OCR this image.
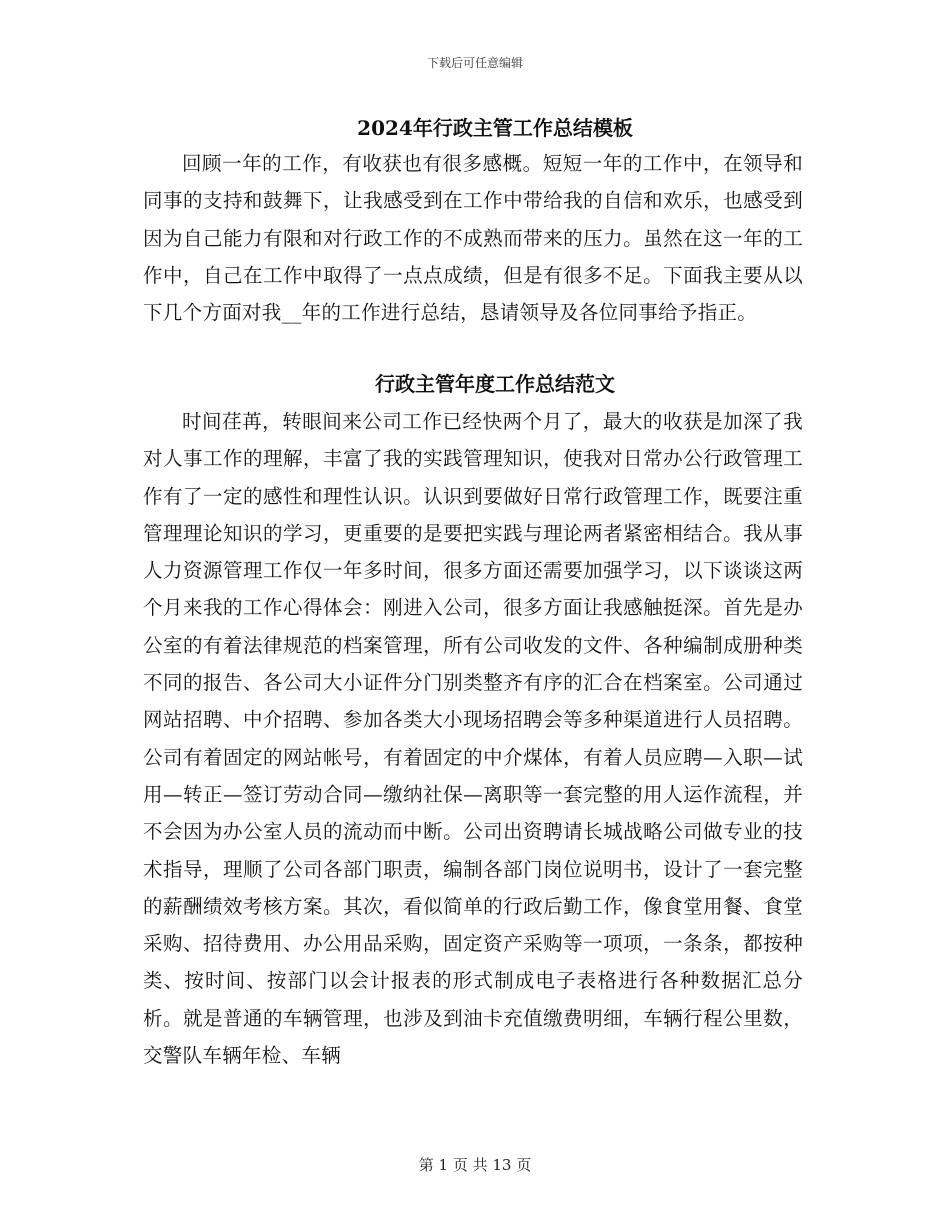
下载后可任意编辑
2024年行政主管工作总结模板

回顾一年的工作，有收获也有很多感概。短短一年的工作中，在领导和同事的支持和鼓舞下，让我感受到在工作中带给我的自信和欢乐，也感受到因为自己能力有限和对行政工作的不成熟而带来的压力。虽然在这一年的工作中，自己在工作中取得了一点点成绩，但是有很多不足。下面我主要从以下几个方面对我__年的工作进行总结，恳请领导及各位同事给予指正。

行政主管年度工作总结范文

时间荏苒，转眼间来公司工作已经快两个月了，最大的收获是加深了我对人事工作的理解，丰富了我的实践管理知识，使我对日常办公行政管理工作有了一定的感性和理性认识。认识到要做好日常行政管理工作，既要注重管理理论知识的学习，更重要的是要把实践与理论两者紧密相结合。我从事人力资源管理工作仅一年多时间，很多方面还需要加强学习，以下谈谈这两个月来我的工作心得体会：刚进入公司，很多方面让我感触挺深。首先是办公室的有着法律规范的档案管理，所有公司收发的文件、各种编制成册种类不同的报告、各公司大小证件分门别类整齐有序的汇合在档案室。公司通过网站招聘、中介招聘、参加各类大小现场招聘会等多种渠道进行人员招聘。公司有着固定的网站帐号，有着固定的中介煤体，有着人员应聘—入职—试用—转正—签订劳动合同—缴纳社保—离职等一套完整的用人运作流程，并不会因为办公室人员的流动而中断。公司出资聘请长城战略公司做专业的技术指导，理顺了公司各部门职责，编制各部门岗位说明书，设计了一套完整的薪酬绩效考核方案。其次，看似简单的行政后勤工作，像食堂用餐、食堂采购、招待费用、办公用品采购，固定资产采购等一项项，一条条，都按种类、按时间、按部门以会计报表的形式制成电子表格进行各种数据汇总分析。就是普通的车辆管理，也涉及到油卡充值缴费明细，车辆行程公里数，交警队车辆年检、车辆

第 1 页 共 13 页
